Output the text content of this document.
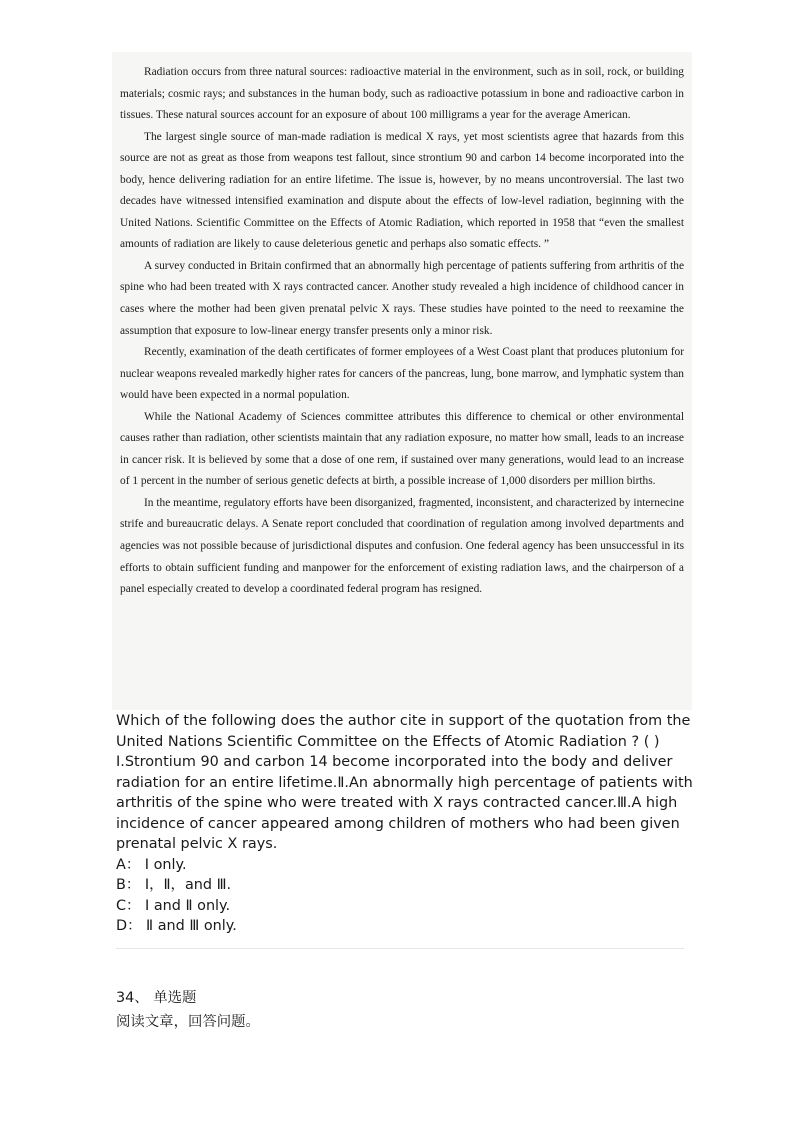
Radiation occurs from three natural sources: radioactive material in the environment, such as in soil, rock, or building materials; cosmic rays; and substances in the human body, such as radioactive potassium in bone and radioactive carbon in tissues. These natural sources account for an exposure of about 100 milligrams a year for the average American.

The largest single source of man-made radiation is medical X rays, yet most scientists agree that hazards from this source are not as great as those from weapons test fallout, since strontium 90 and carbon 14 become incorporated into the body, hence delivering radiation for an entire lifetime. The issue is, however, by no means uncontroversial. The last two decades have witnessed intensified examination and dispute about the effects of low-level radiation, beginning with the United Nations. Scientific Committee on the Effects of Atomic Radiation, which reported in 1958 that “even the smallest amounts of radiation are likely to cause deleterious genetic and perhaps also somatic effects. ”

A survey conducted in Britain confirmed that an abnormally high percentage of patients suffering from arthritis of the spine who had been treated with X rays contracted cancer. Another study revealed a high incidence of childhood cancer in cases where the mother had been given prenatal pelvic X rays. These studies have pointed to the need to reexamine the assumption that exposure to low-linear energy transfer presents only a minor risk.

Recently, examination of the death certificates of former employees of a West Coast plant that produces plutonium for nuclear weapons revealed markedly higher rates for cancers of the pancreas, lung, bone marrow, and lymphatic system than would have been expected in a normal population.

While the National Academy of Sciences committee attributes this difference to chemical or other environmental causes rather than radiation, other scientists maintain that any radiation exposure, no matter how small, leads to an increase in cancer risk. It is believed by some that a dose of one rem, if sustained over many generations, would lead to an increase of 1 percent in the number of serious genetic defects at birth, a possible increase of 1,000 disorders per million births.

In the meantime, regulatory efforts have been disorganized, fragmented, inconsistent, and characterized by internecine strife and bureaucratic delays. A Senate report concluded that coordination of regulation among involved departments and agencies was not possible because of jurisdictional disputes and confusion. One federal agency has been unsuccessful in its efforts to obtain sufficient funding and manpower for the enforcement of existing radiation laws, and the chairperson of a panel especially created to develop a coordinated federal program has resigned.

Which of the following does the author cite in support of the quotation from the United Nations Scientific Committee on the Effects of Atomic Radiation ? ( ) Ⅰ.Strontium 90 and carbon 14 become incorporated into the body and deliver radiation for an entire lifetime.Ⅱ.An abnormally high percentage of patients with arthritis of the spine who were treated with X rays contracted cancer.Ⅲ.A high incidence of cancer appeared among children of mothers who had been given prenatal pelvic X rays.

A： Ⅰ only.
B： Ⅰ，Ⅱ，and Ⅲ.
C： Ⅰ and Ⅱ only.
D： Ⅱ and Ⅲ only.
34、 单选题
阅读文章，回答问题。
